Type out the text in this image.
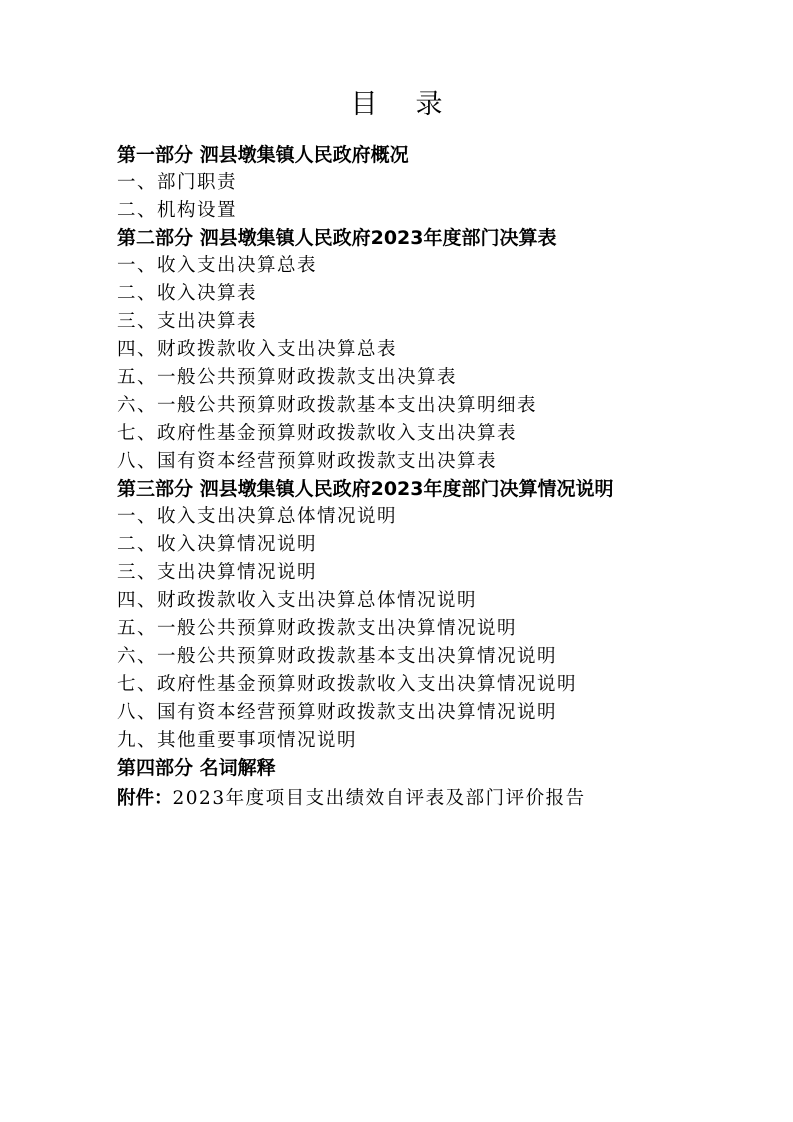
目录
第一部分 泗县墩集镇人民政府概况
一、部门职责
二、机构设置
第二部分 泗县墩集镇人民政府2023年度部门决算表
一、收入支出决算总表
二、收入决算表
三、支出决算表
四、财政拨款收入支出决算总表
五、一般公共预算财政拨款支出决算表
六、一般公共预算财政拨款基本支出决算明细表
七、政府性基金预算财政拨款收入支出决算表
八、国有资本经营预算财政拨款支出决算表
第三部分 泗县墩集镇人民政府2023年度部门决算情况说明
一、收入支出决算总体情况说明
二、收入决算情况说明
三、支出决算情况说明
四、财政拨款收入支出决算总体情况说明
五、一般公共预算财政拨款支出决算情况说明
六、一般公共预算财政拨款基本支出决算情况说明
七、政府性基金预算财政拨款收入支出决算情况说明
八、国有资本经营预算财政拨款支出决算情况说明
九、其他重要事项情况说明
第四部分 名词解释
附件：2023年度项目支出绩效自评表及部门评价报告
